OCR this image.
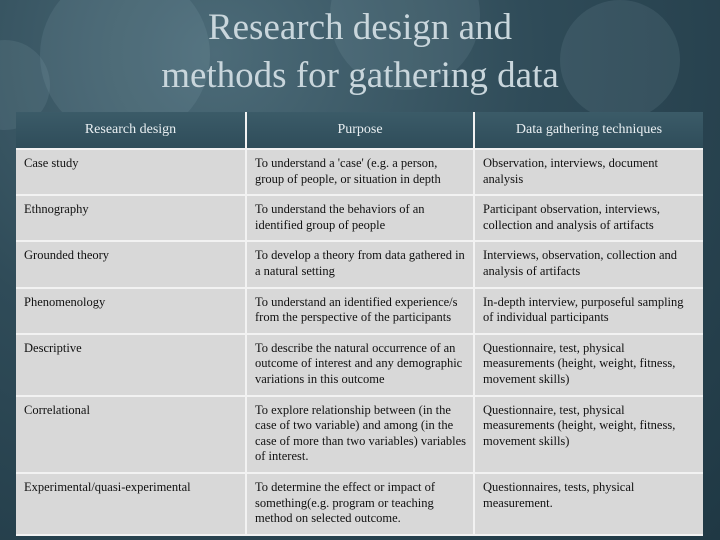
Research design and
methods for gathering data
Research design	Purpose	Data gathering techniques
Case study	To understand a 'case' (e.g. a person, group of people, or situation in depth	Observation, interviews, document analysis
Ethnography	To understand the behaviors of an identified group of people	Participant observation, interviews, collection and analysis of artifacts
Grounded theory	To develop a theory from data gathered in a natural setting	Interviews, observation, collection and analysis of artifacts
Phenomenology	To understand an identified experience/s from the perspective of the participants	In-depth interview, purposeful sampling of individual participants
Descriptive	To describe the natural occurrence of an outcome of interest and any demographic variations in this outcome	Questionnaire, test, physical measurements (height, weight, fitness, movement skills)
Correlational	To explore relationship between (in the case of two variable) and among (in the case of more than two variables) variables of interest.	Questionnaire, test, physical measurements (height, weight, fitness, movement skills)
Experimental/quasi-experimental	To determine the effect or impact of something(e.g. program or teaching method on selected outcome.	Questionnaires, tests, physical measurement.
